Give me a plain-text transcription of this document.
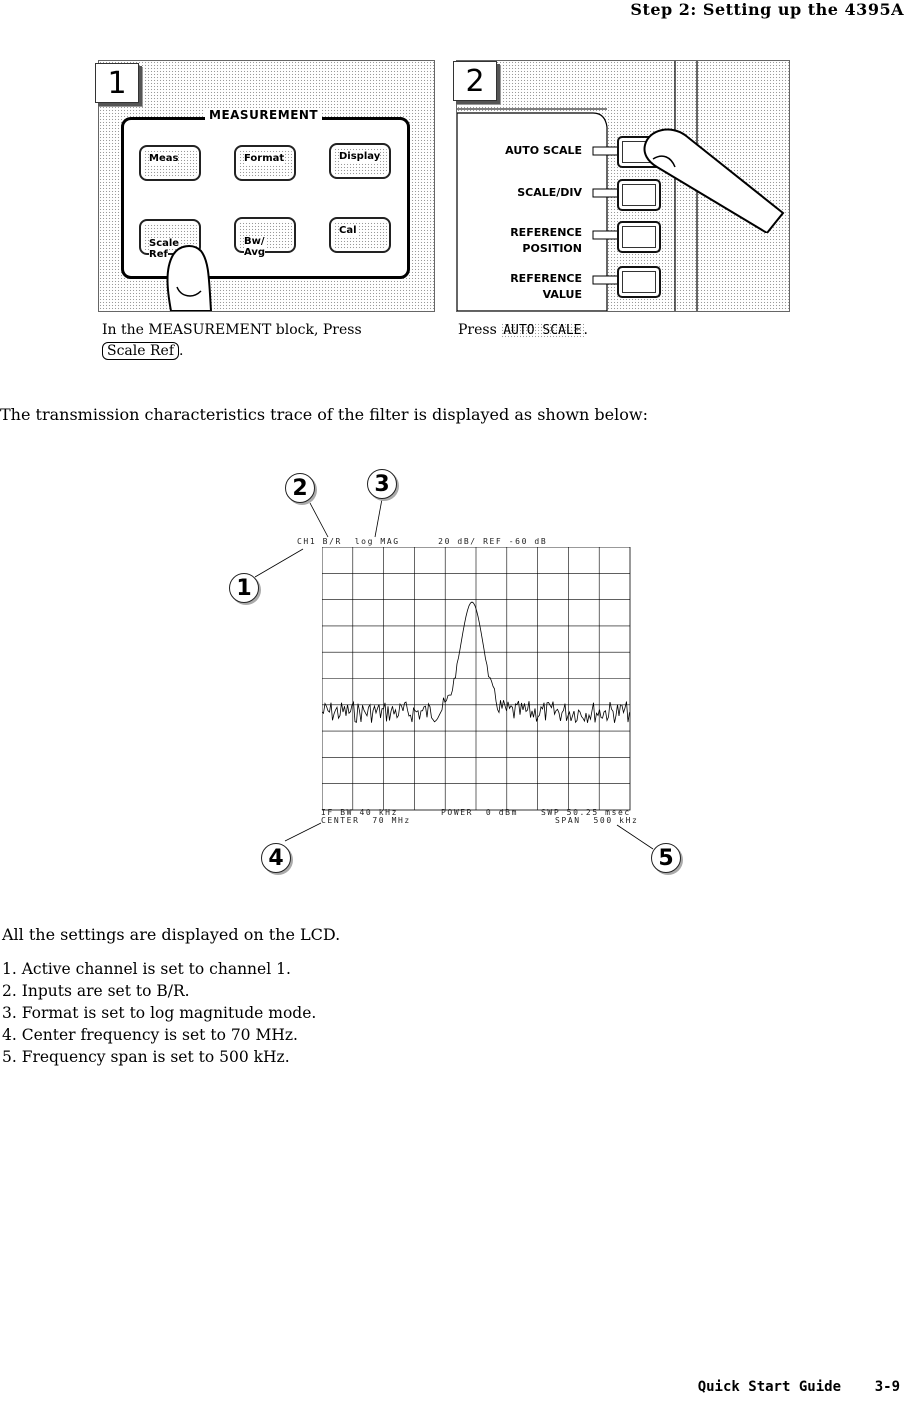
Step 2: Setting up the 4395A
1
MEASUREMENT
Meas	Format	Display

Scale
Ref

Bw/
Avg
Cal
In the MEASUREMENT block, Press
Scale Ref .
2
AUTO SCALE
SCALE/DIV
REFERENCE
POSITION
REFERENCE
VALUE
Press AUTO SCALE .
The transmission characteristics trace of the filter is displayed as shown below:
1
2	3
4	5
CH1 B/R  log MAG      20 dB/ REF -60 dB
IF BW 40 kHz	POWER  0 dBm	SWP 50.25 msec
CENTER  70 MHz	SPAN  500 kHz
All the settings are displayed on the LCD.
1. Active channel is set to channel 1.
2. Inputs are set to B/R.
3. Format is set to log magnitude mode.
4. Center frequency is set to 70 MHz.
5. Frequency span is set to 500 kHz.
Quick Start Guide    3-9
